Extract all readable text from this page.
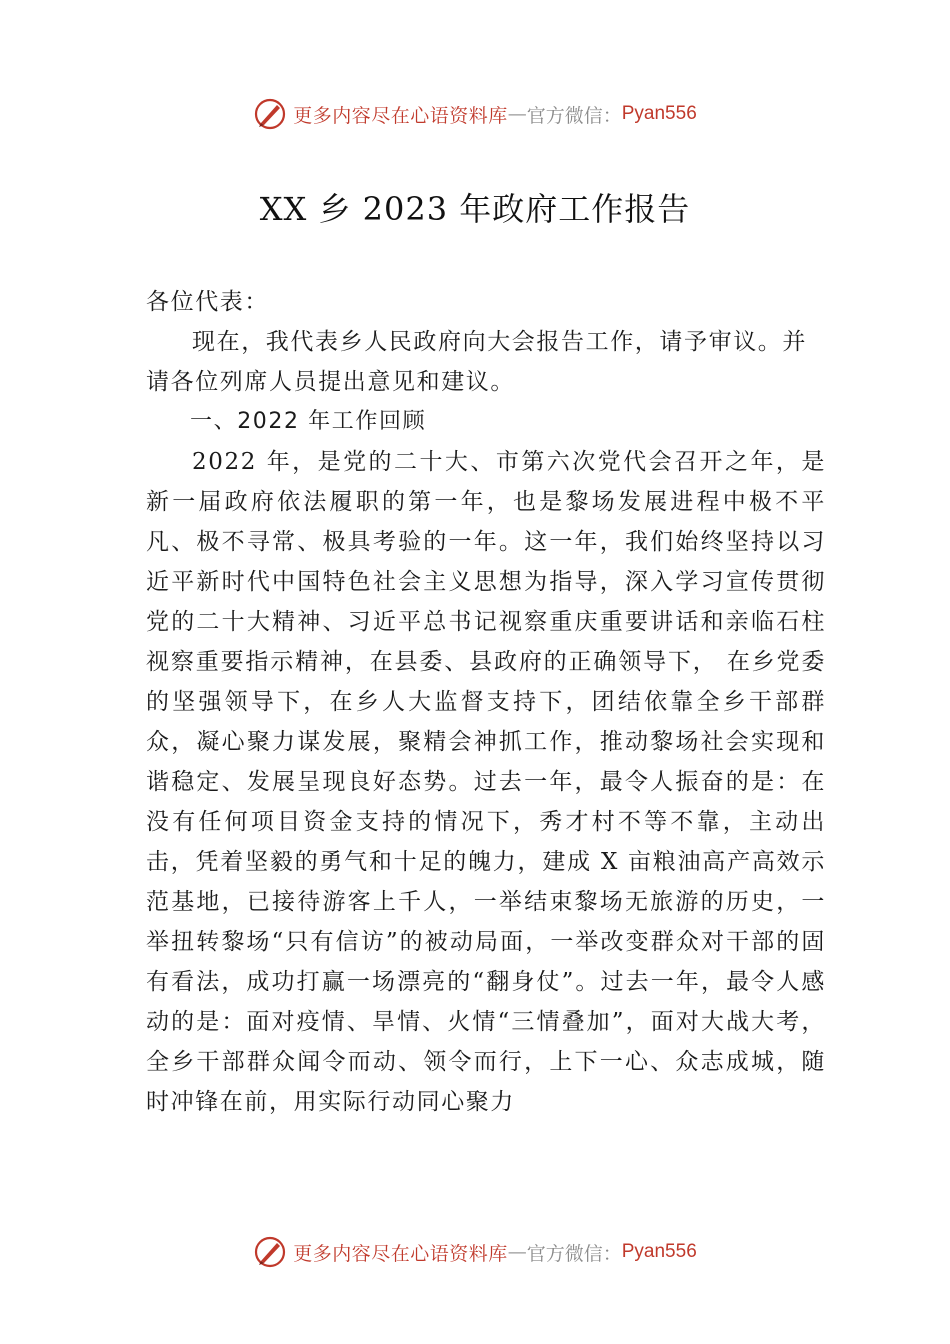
更多内容尽在心语资料库 — 官方微信： Pyan556
XX 乡 2023 年政府工作报告

各位代表：

现在，我代表乡人民政府向大会报告工作，请予审议。并请各位列席人员提出意见和建议。

一、2022 年工作回顾

2022 年，是党的二十大、市第六次党代会召开之年，是新一届政府依法履职的第一年，也是黎场发展进程中极不平凡、极不寻常、极具考验的一年。这一年，我们始终坚持以习近平新时代中国特色社会主义思想为指导，深入学习宣传贯彻党的二十大精神、习近平总书记视察重庆重要讲话和亲临石柱视察重要指示精神，在县委、县政府的正确领导下， 在乡党委的坚强领导下，在乡人大监督支持下，团结依靠全乡干部群众，凝心聚力谋发展，聚精会神抓工作，推动黎场社会实现和谐稳定、发展呈现良好态势。过去一年，最令人振奋的是：在没有任何项目资金支持的情况下，秀才村不等不靠，主动出击，凭着坚毅的勇气和十足的魄力，建成 X 亩粮油高产高效示范基地，已接待游客上千人，一举结束黎场无旅游的历史，一举扭转黎场“只有信访”的被动局面，一举改变群众对干部的固有看法，成功打赢一场漂亮的“翻身仗”。过去一年，最令人感动的是：面对疫情、旱情、火情“三情叠加”，面对大战大考，全乡干部群众闻令而动、领令而行，上下一心、众志成城，随时冲锋在前，用实际行动同心聚力

更多内容尽在心语资料库 — 官方微信： Pyan556
